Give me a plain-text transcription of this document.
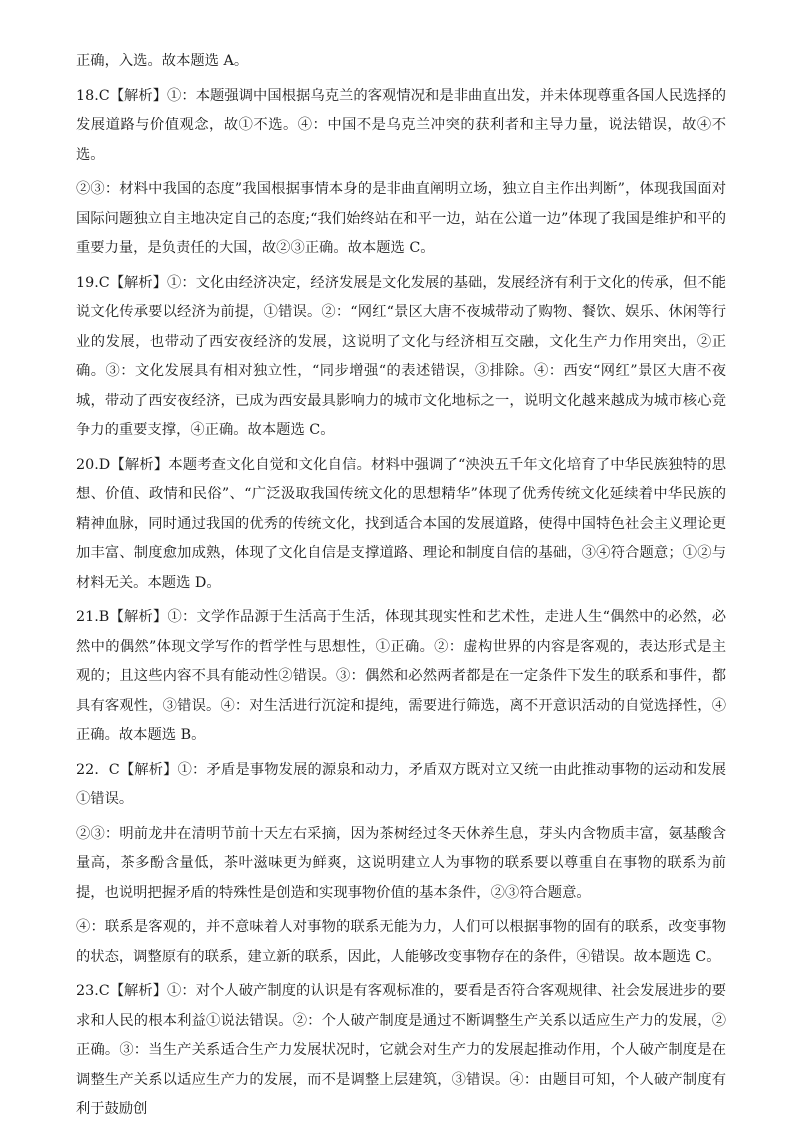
正确，入选。故本题选 A。

18.C【解析】①：本题强调中国根据乌克兰的客观情况和是非曲直出发，并未体现尊重各国人民选择的发展道路与价值观念，故①不选。④：中国不是乌克兰冲突的获利者和主导力量，说法错误，故④不选。

②③：材料中我国的态度”我国根据事情本身的是非曲直阐明立场，独立自主作出判断”，体现我国面对国际问题独立自主地决定自己的态度;“我们始终站在和平一边，站在公道一边”体现了我国是维护和平的重要力量，是负责任的大国，故②③正确。故本题选 C。

19.C【解析】①：文化由经济决定，经济发展是文化发展的基础，发展经济有利于文化的传承，但不能说文化传承要以经济为前提，①错误。②：“网红“景区大唐不夜城带动了购物、餐饮、娱乐、休闲等行业的发展，也带动了西安夜经济的发展，这说明了文化与经济相互交融，文化生产力作用突出，②正确。③：文化发展具有相对独立性，“同步增强“的表述错误，③排除。④：西安“网红”景区大唐不夜城，带动了西安夜经济，已成为西安最具影响力的城市文化地标之一，说明文化越来越成为城市核心竞争力的重要支撑，④正确。故本题选 C。

20.D【解析】本题考查文化自觉和文化自信。材料中强调了“泱泱五千年文化培育了中华民族独特的思想、价值、政情和民俗”、“广泛汲取我国传统文化的思想精华”体现了优秀传统文化延续着中华民族的精神血脉，同时通过我国的优秀的传统文化，找到适合本国的发展道路，使得中国特色社会主义理论更加丰富、制度愈加成熟，体现了文化自信是支撑道路、理论和制度自信的基础，③④符合题意；①②与材料无关。本题选 D。

21.B【解析】①：文学作品源于生活高于生活，体现其现实性和艺术性，走进人生“偶然中的必然，必然中的偶然”体现文学写作的哲学性与思想性，①正确。②：虚构世界的内容是客观的，表达形式是主观的；且这些内容不具有能动性②错误。③：偶然和必然两者都是在一定条件下发生的联系和事件，都具有客观性，③错误。④：对生活进行沉淀和提纯，需要进行筛选，离不开意识活动的自觉选择性，④正确。故本题选 B。

22．C【解析】①：矛盾是事物发展的源泉和动力，矛盾双方既对立又统一由此推动事物的运动和发展①错误。

②③：明前龙井在清明节前十天左右采摘，因为茶树经过冬天休养生息，芽头内含物质丰富，氨基酸含量高，茶多酚含量低，茶叶滋味更为鲜爽，这说明建立人为事物的联系要以尊重自在事物的联系为前提，也说明把握矛盾的特殊性是创造和实现事物价值的基本条件，②③符合题意。

④：联系是客观的，并不意味着人对事物的联系无能为力，人们可以根据事物的固有的联系，改变事物的状态，调整原有的联系，建立新的联系，因此，人能够改变事物存在的条件，④错误。故本题选 C。

23.C【解析】①：对个人破产制度的认识是有客观标准的，要看是否符合客观规律、社会发展进步的要求和人民的根本利益①说法错误。②：个人破产制度是通过不断调整生产关系以适应生产力的发展，②正确。③：当生产关系适合生产力发展状况时，它就会对生产力的发展起推动作用，个人破产制度是在调整生产关系以适应生产力的发展，而不是调整上层建筑，③错误。④：由题目可知，个人破产制度有利于鼓励创
